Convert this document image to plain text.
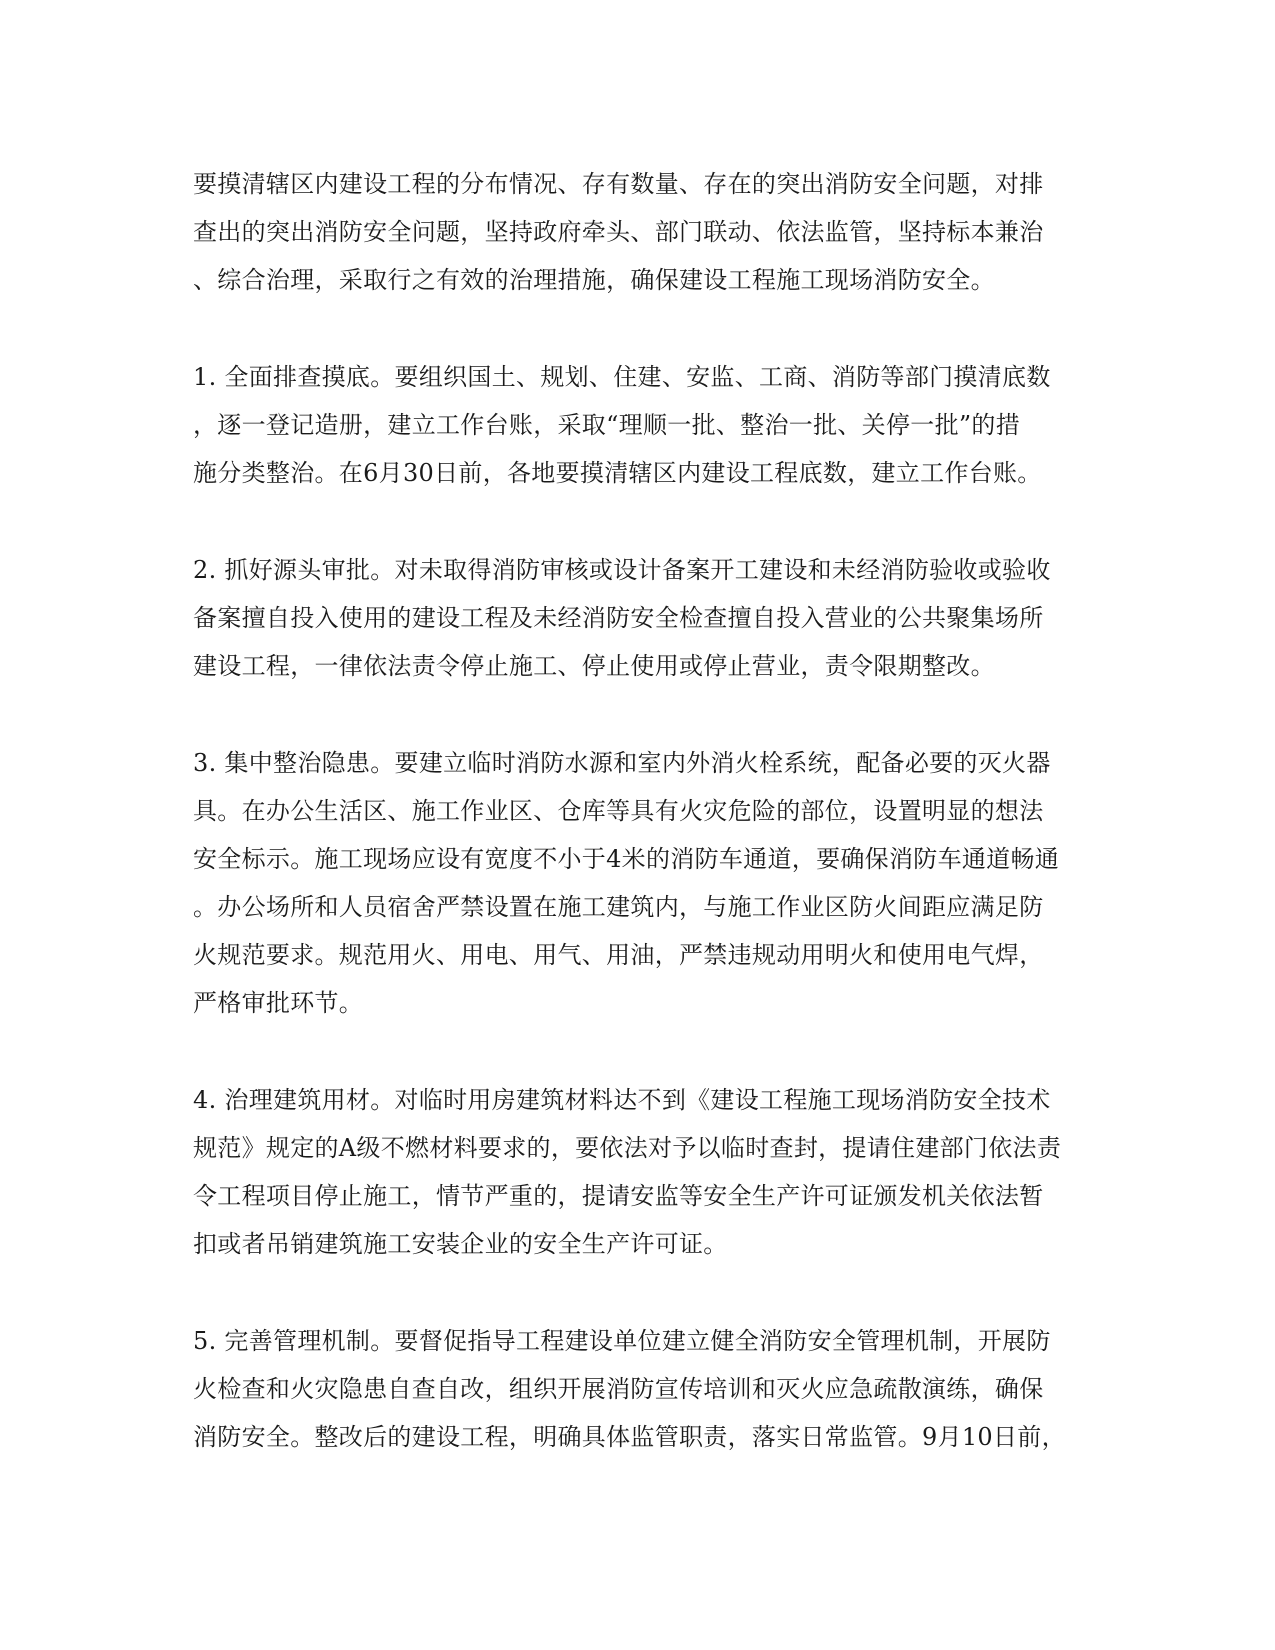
要摸清辖区内建设工程的分布情况、存有数量、存在的突出消防安全问题，对排
查出的突出消防安全问题，坚持政府牵头、部门联动、依法监管，坚持标本兼治
、综合治理，采取行之有效的治理措施，确保建设工程施工现场消防安全。

1. 全面排查摸底。要组织国土、规划、住建、安监、工商、消防等部门摸清底数
，逐一登记造册，建立工作台账，采取“理顺一批、整治一批、关停一批”的措
施分类整治。在6月30日前，各地要摸清辖区内建设工程底数，建立工作台账。

2. 抓好源头审批。对未取得消防审核或设计备案开工建设和未经消防验收或验收
备案擅自投入使用的建设工程及未经消防安全检查擅自投入营业的公共聚集场所
建设工程，一律依法责令停止施工、停止使用或停止营业，责令限期整改。

3. 集中整治隐患。要建立临时消防水源和室内外消火栓系统，配备必要的灭火器
具。在办公生活区、施工作业区、仓库等具有火灾危险的部位，设置明显的想法
安全标示。施工现场应设有宽度不小于4米的消防车通道，要确保消防车通道畅通
。办公场所和人员宿舍严禁设置在施工建筑内，与施工作业区防火间距应满足防
火规范要求。规范用火、用电、用气、用油，严禁违规动用明火和使用电气焊，
严格审批环节。

4. 治理建筑用材。对临时用房建筑材料达不到《建设工程施工现场消防安全技术
规范》规定的A级不燃材料要求的，要依法对予以临时查封，提请住建部门依法责
令工程项目停止施工，情节严重的，提请安监等安全生产许可证颁发机关依法暂
扣或者吊销建筑施工安装企业的安全生产许可证。

5. 完善管理机制。要督促指导工程建设单位建立健全消防安全管理机制，开展防
火检查和火灾隐患自查自改，组织开展消防宣传培训和灭火应急疏散演练，确保
消防安全。整改后的建设工程，明确具体监管职责，落实日常监管。9月10日前，
